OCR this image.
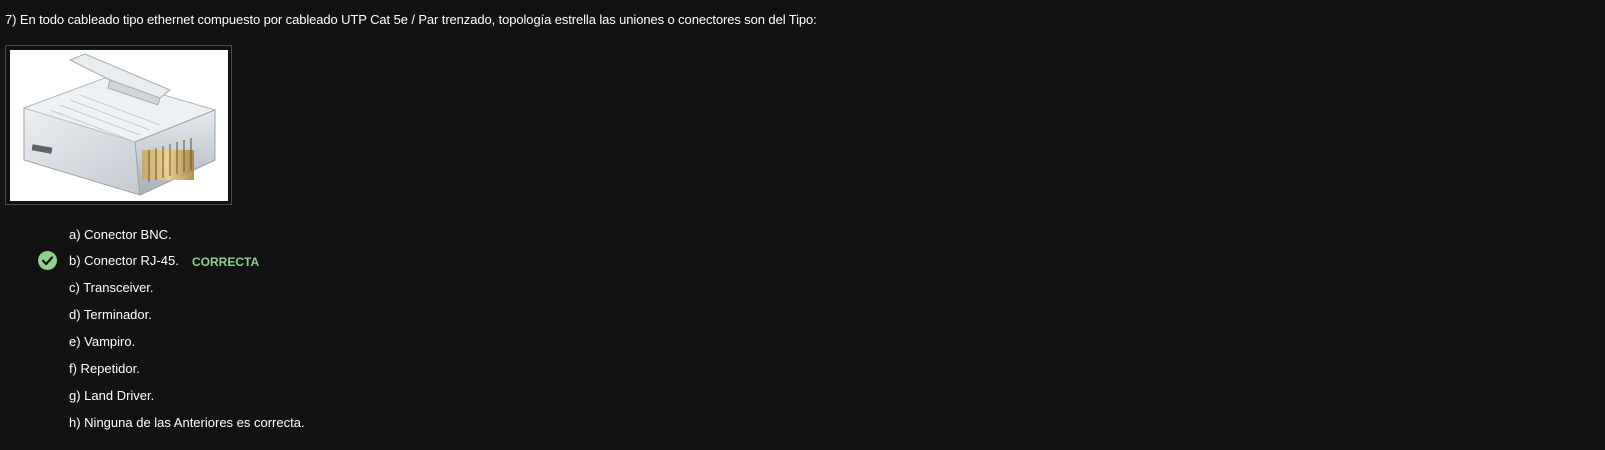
7) En todo cableado tipo ethernet compuesto por cableado UTP Cat 5e / Par trenzado, topología estrella las uniones o conectores son del Tipo:
a) Conector BNC.
b) Conector RJ-45. CORRECTA
c) Transceiver.
d) Terminador.
e) Vampiro.
f) Repetidor.
g) Land Driver.
h) Ninguna de las Anteriores es correcta.
